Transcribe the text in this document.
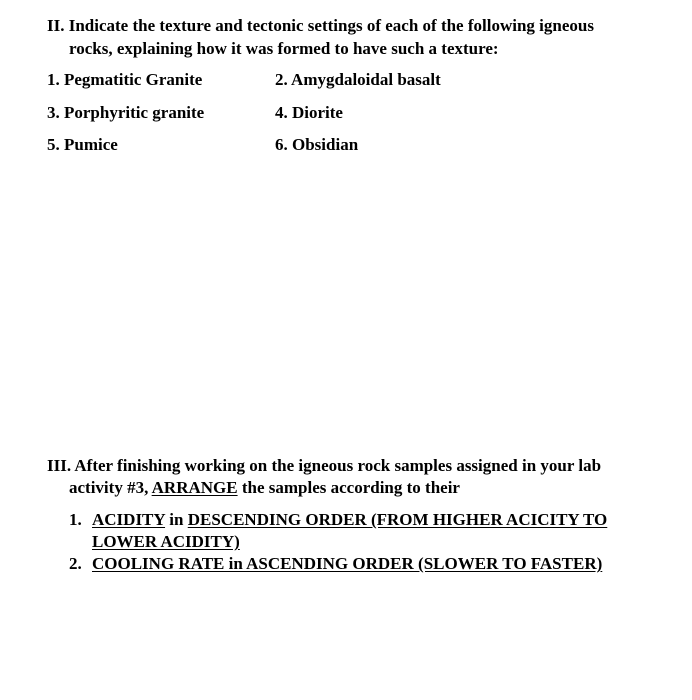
II. Indicate the texture and tectonic settings of each of the following igneous
rocks, explaining how it was formed to have such a texture:
1. Pegmatitic Granite	2. Amygdaloidal basalt
3. Porphyritic granite	4. Diorite
5. Pumice	6. Obsidian
III. After finishing working on the igneous rock samples assigned in your lab
activity #3, ARRANGE the samples according to their
1. ACIDITY in DESCENDING ORDER (FROM HIGHER ACICITY TO
LOWER ACIDITY)
2. COOLING RATE in ASCENDING ORDER (SLOWER TO FASTER)
